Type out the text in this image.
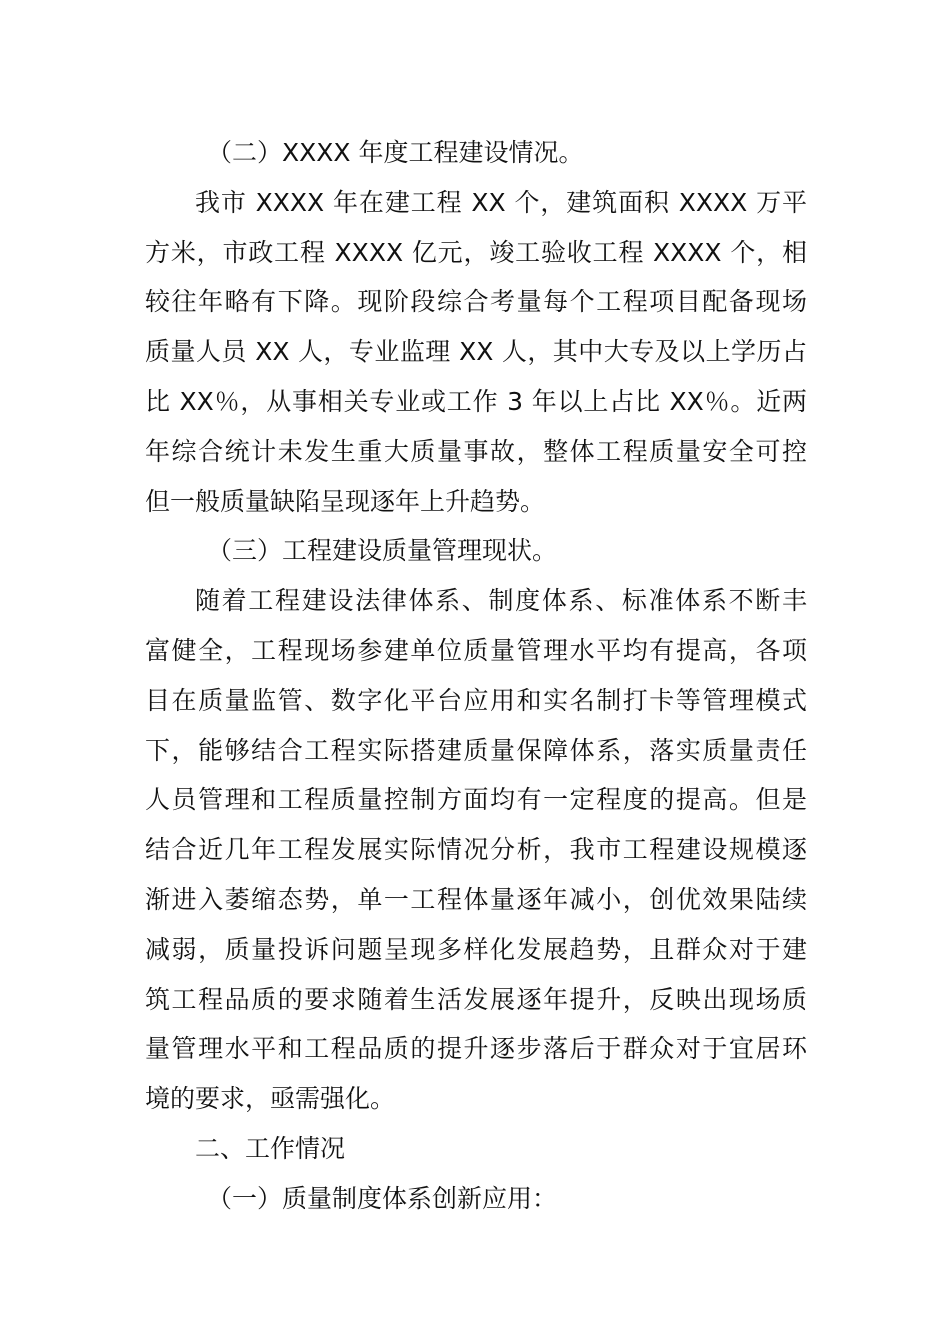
（二）XXXX 年度工程建设情况。
我市 XXXX 年在建工程 XX 个，建筑面积 XXXX 万平
方米，市政工程 XXXX 亿元，竣工验收工程 XXXX 个，相
较往年略有下降。现阶段综合考量每个工程项目配备现场
质量人员 XX 人，专业监理 XX 人，其中大专及以上学历占
比 XX％，从事相关专业或工作 3 年以上占比 XX％。近两
年综合统计未发生重大质量事故，整体工程质量安全可控
但一般质量缺陷呈现逐年上升趋势。
（三）工程建设质量管理现状。
随着工程建设法律体系、制度体系、标准体系不断丰
富健全，工程现场参建单位质量管理水平均有提高，各项
目在质量监管、数字化平台应用和实名制打卡等管理模式
下，能够结合工程实际搭建质量保障体系，落实质量责任
人员管理和工程质量控制方面均有一定程度的提高。但是
结合近几年工程发展实际情况分析，我市工程建设规模逐
渐进入萎缩态势，单一工程体量逐年减小，创优效果陆续
减弱，质量投诉问题呈现多样化发展趋势，且群众对于建
筑工程品质的要求随着生活发展逐年提升，反映出现场质
量管理水平和工程品质的提升逐步落后于群众对于宜居环
境的要求，亟需强化。
二、工作情况
（一）质量制度体系创新应用：
